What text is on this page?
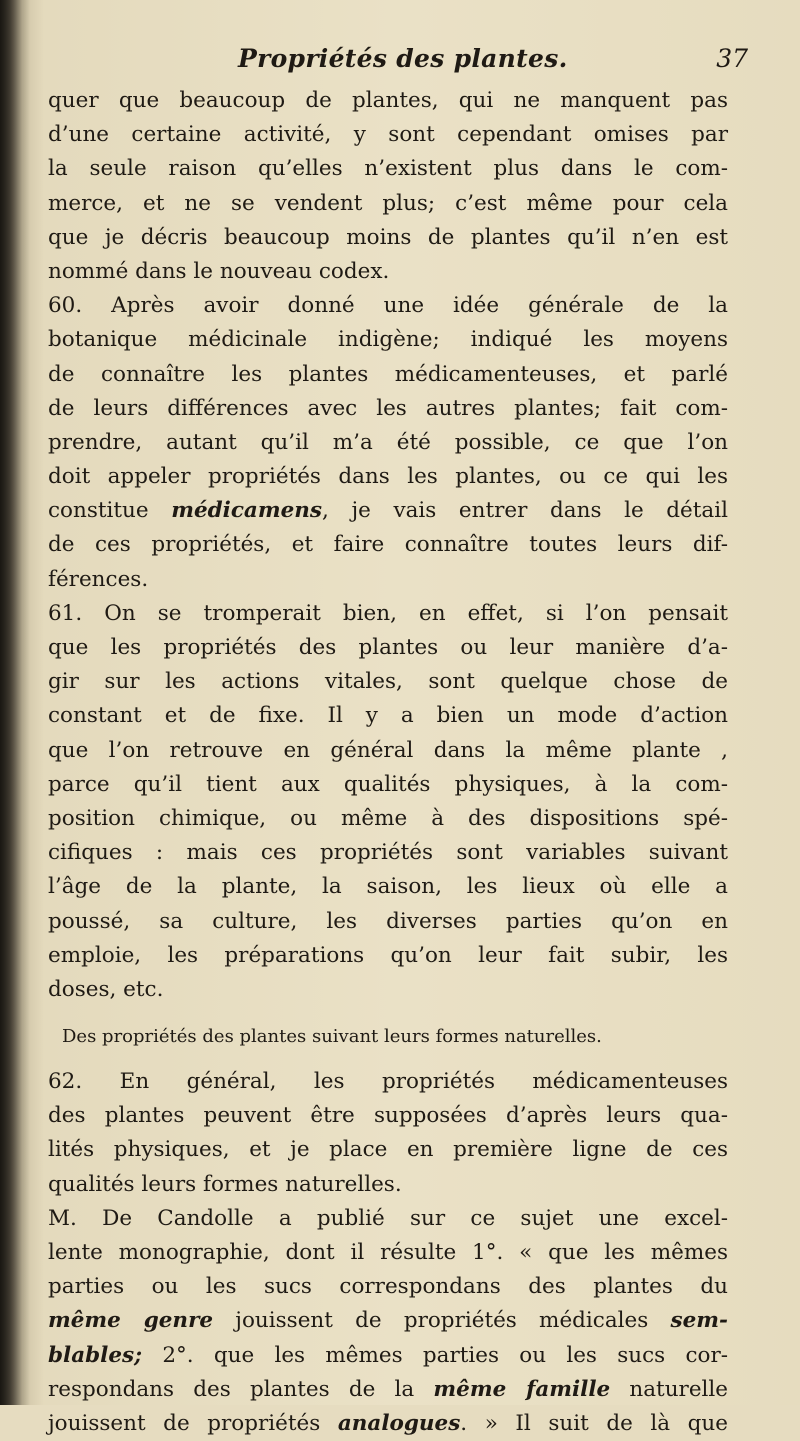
Propriétés des plantes.	37
quer que beaucoup de plantes, qui ne manquent pas
d’une certaine activité, y sont cependant omises par
la seule raison qu’elles n’existent plus dans le com-
merce, et ne se vendent plus; c’est même pour cela
que je décris beaucoup moins de plantes qu’il n’en est
nommé dans le nouveau codex.
60. Après avoir donné une idée générale de la
botanique médicinale indigène; indiqué les moyens
de connaître les plantes médicamenteuses, et parlé
de leurs différences avec les autres plantes; fait com-
prendre, autant qu’il m’a été possible, ce que l’on
doit appeler propriétés dans les plantes, ou ce qui les
constitue médicamens, je vais entrer dans le détail
de ces propriétés, et faire connaître toutes leurs dif-
férences.
61. On se tromperait bien, en effet, si l’on pensait
que les propriétés des plantes ou leur manière d’a-
gir sur les actions vitales, sont quelque chose de
constant et de fixe. Il y a bien un mode d’action
que l’on retrouve en général dans la même plante ,
parce qu’il tient aux qualités physiques, à la com-
position chimique, ou même à des dispositions spé-
cifiques : mais ces propriétés sont variables suivant
l’âge de la plante, la saison, les lieux où elle a
poussé, sa culture, les diverses parties qu’on en
emploie, les préparations qu’on leur fait subir, les
doses, etc.
Des propriétés des plantes suivant leurs formes naturelles.
62. En général, les propriétés médicamenteuses
des plantes peuvent être supposées d’après leurs qua-
lités physiques, et je place en première ligne de ces
qualités leurs formes naturelles.
M. De Candolle a publié sur ce sujet une excel-
lente monographie, dont il résulte 1°. « que les mêmes
parties ou les sucs correspondans des plantes du
même genre jouissent de propriétés médicales sem-
blables; 2°. que les mêmes parties ou les sucs cor-
respondans des plantes de la même famille naturelle
jouissent de propriétés analogues. » Il suit de là que
